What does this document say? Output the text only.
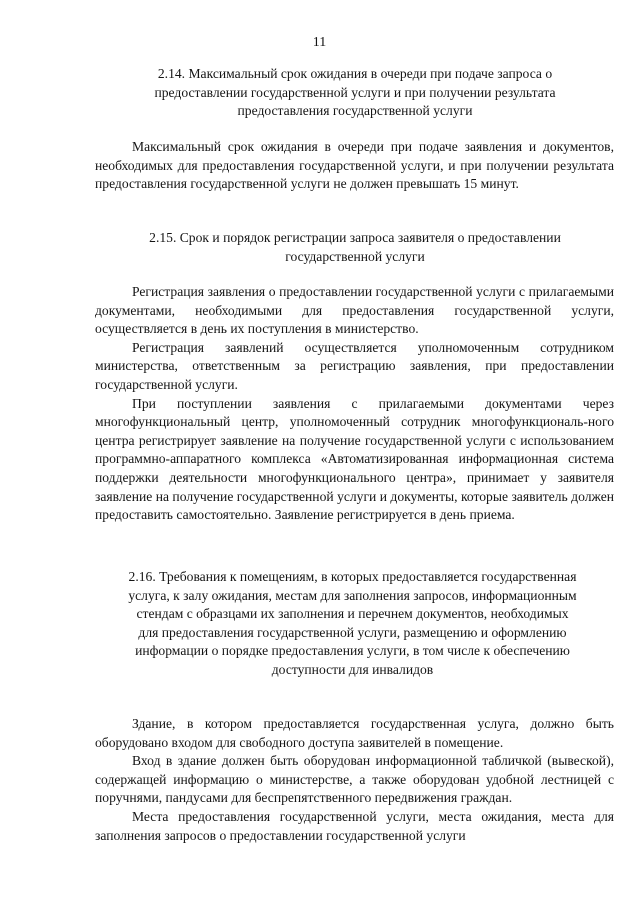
11
2.14. Максимальный срок ожидания в очереди при подаче запроса о предоставлении государственной услуги и при получении результата предоставления государственной услуги
Максимальный срок ожидания в очереди при подаче заявления и документов, необходимых для предоставления государственной услуги, и при получении результата предоставления государственной услуги не должен превышать 15 минут.
2.15. Срок и порядок регистрации запроса заявителя о предоставлении государственной услуги
Регистрация заявления о предоставлении государственной услуги с прилагаемыми документами, необходимыми для предоставления государственной услуги, осуществляется в день их поступления в министерство.
Регистрация заявлений осуществляется уполномоченным сотрудником министерства, ответственным за регистрацию заявления, при предоставлении государственной услуги.
При поступлении заявления с прилагаемыми документами через многофункциональный центр, уполномоченный сотрудник многофункциональ-ного центра регистрирует заявление на получение государственной услуги с использованием программно-аппаратного комплекса «Автоматизированная информационная система поддержки деятельности многофункционального центра», принимает у заявителя заявление на получение государственной услуги и документы, которые заявитель должен предоставить самостоятельно. Заявление регистрируется в день приема.
2.16. Требования к помещениям, в которых предоставляется государственная услуга, к залу ожидания, местам для заполнения запросов, информационным стендам с образцами их заполнения и перечнем документов, необходимых для предоставления государственной услуги, размещению и оформлению информации о порядке предоставления услуги, в том числе к обеспечению доступности для инвалидов
Здание, в котором предоставляется государственная услуга, должно быть оборудовано входом для свободного доступа заявителей в помещение.
Вход в здание должен быть оборудован информационной табличкой (вывеской), содержащей информацию о министерстве, а также оборудован удобной лестницей с поручнями, пандусами для беспрепятственного передвижения граждан.
Места предоставления государственной услуги, места ожидания, места для заполнения запросов о предоставлении государственной услуги
